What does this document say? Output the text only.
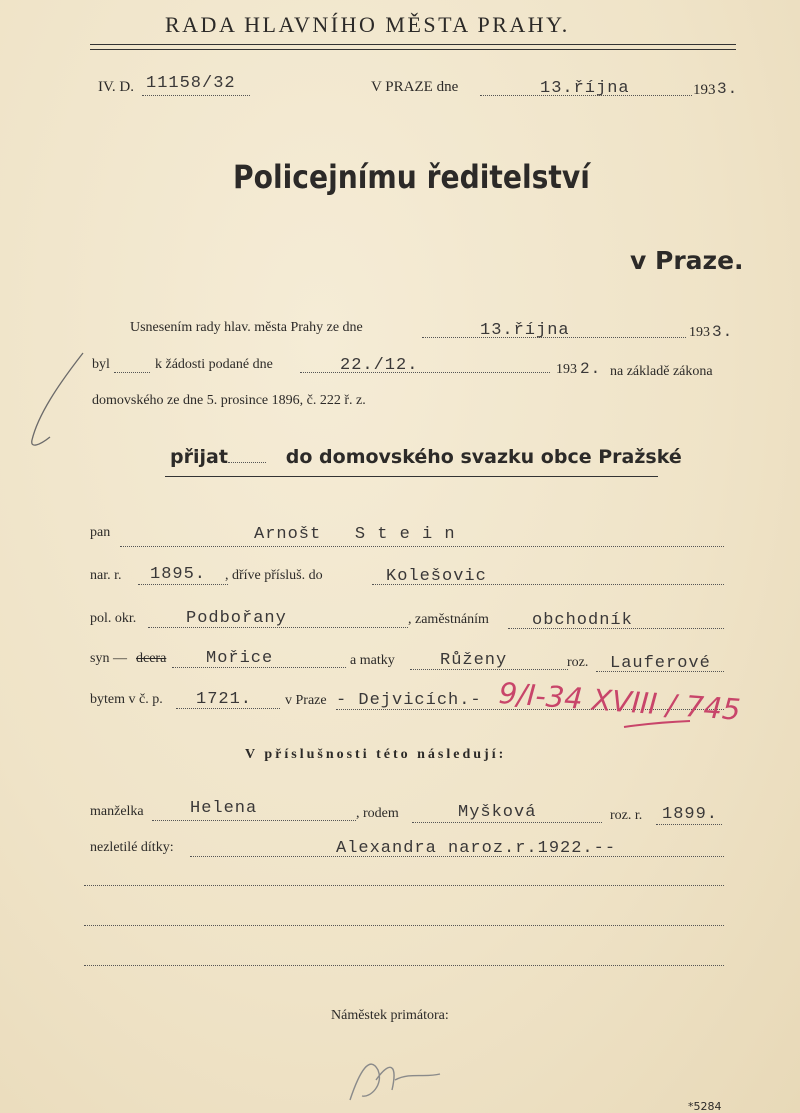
RADA HLAVNÍHO MĚSTA PRAHY.
IV. D. 11158/32	V PRAZE dne	13.října	193 3.
Policejnímu ředitelství
v Praze.
Usnesením rady hlav. města Prahy ze dne	13.října	193 3.
byl	k žádosti podané dne	22./12.	193 2. na základě zákona
domovského ze dne 5. prosince 1896, č. 222 ř. z.
přijat	do domovského svazku obce Pražské
pan	Arnošt   S t e i n
nar. r. 1895. , dříve přísluš. do	Kolešovic
pol. okr.	Podbořany	, zaměstnáním	obchodník
syn — dcera Mořice	a matky	Růženy	roz. Lauferové
bytem v č. p. 1721. v Praze - Dejvicích.- 9/I-34 XVIII / 745
V příslušnosti této následují:
manželka	Helena	, rodem	Myšková	roz. r. 1899.
nezletilé dítky:	Alexandra naroz.r.1922.--
Náměstek primátora:
*5284
